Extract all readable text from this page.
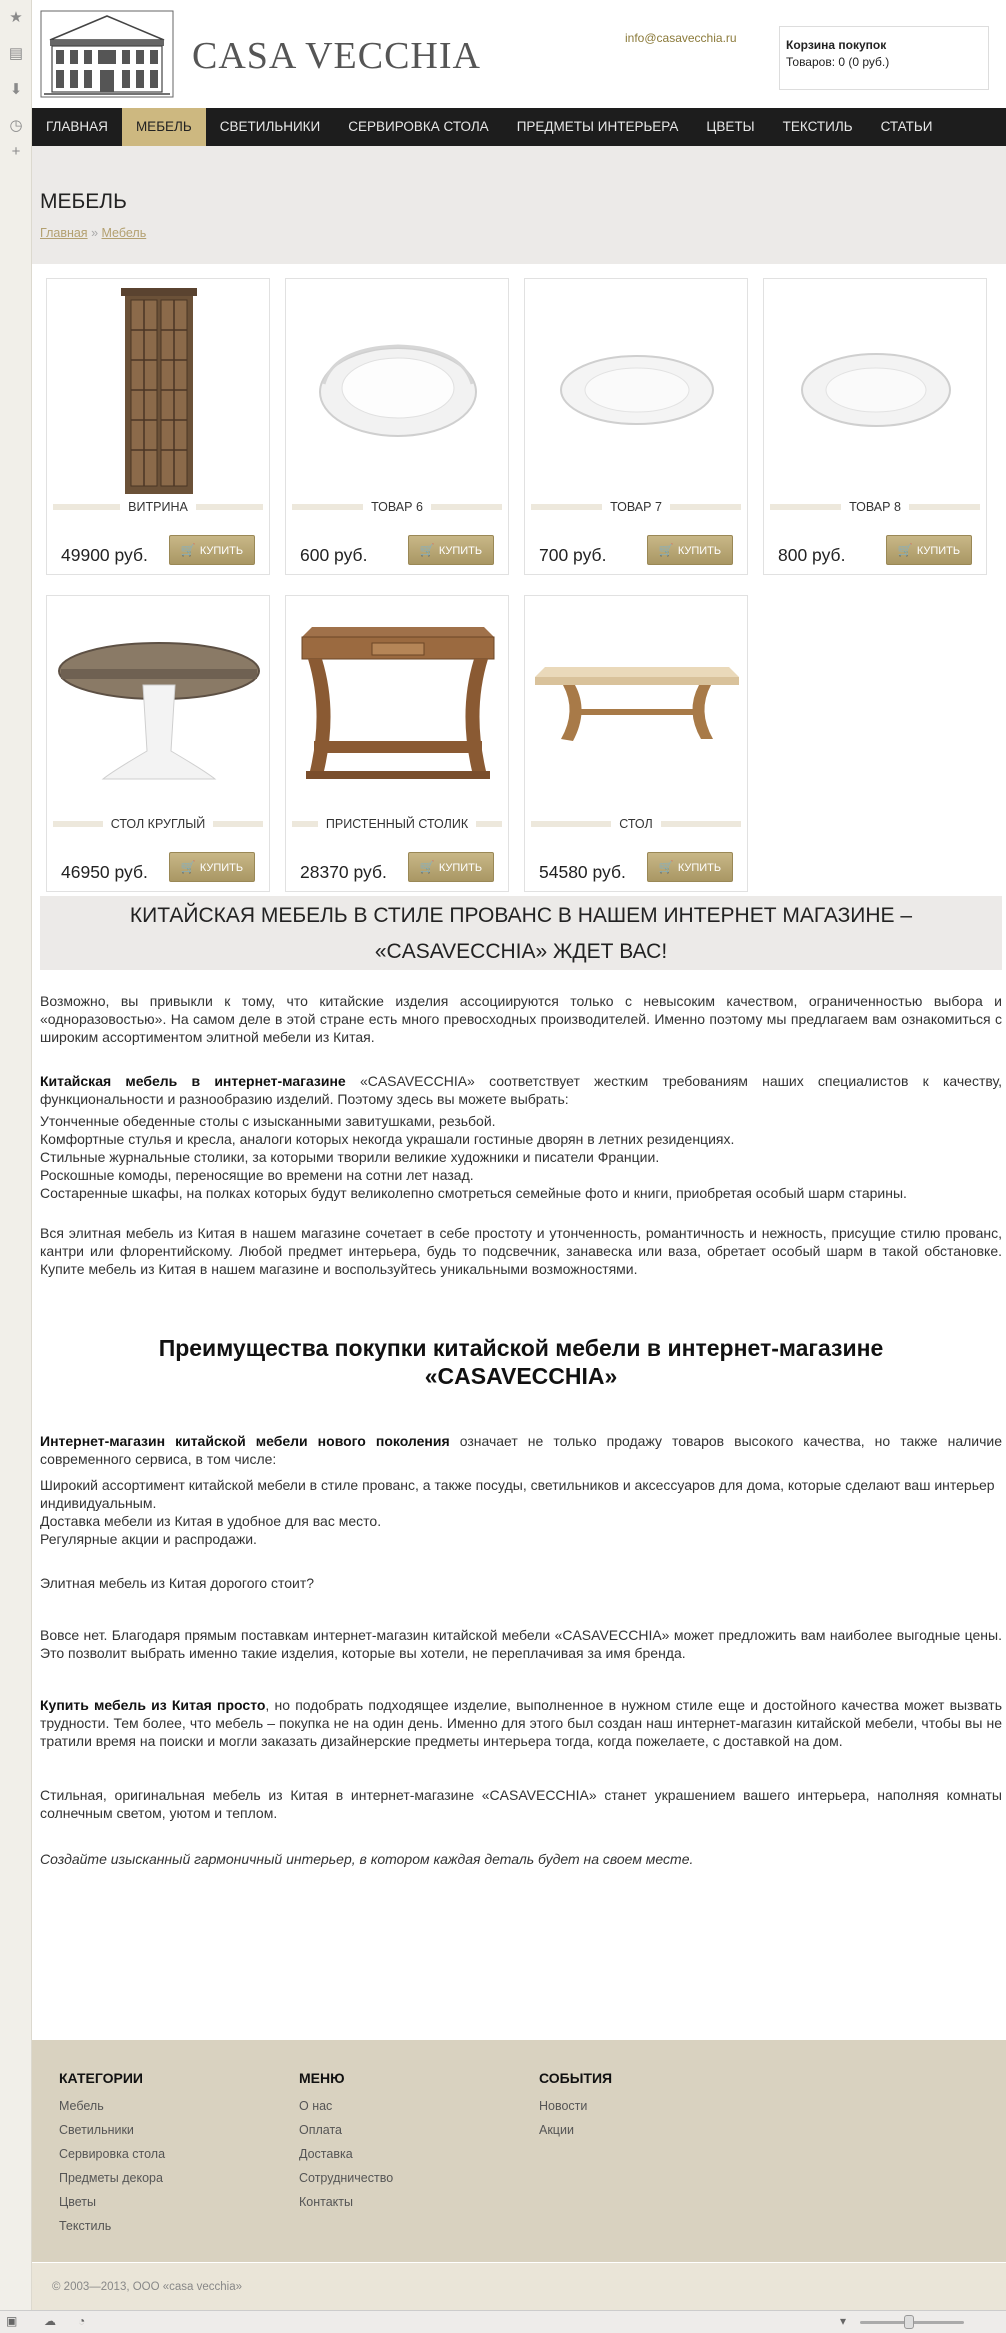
★
▤
⬇
◷
+
CASA VECCHIA	info@casavecchia.ru	Корзина покупок
Товаров: 0 (0 руб.)
ГЛАВНАЯ	МЕБЕЛЬ	СВЕТИЛЬНИКИ	СЕРВИРОВКА СТОЛА	ПРЕДМЕТЫ ИНТЕРЬЕРА	ЦВЕТЫ	ТЕКСТИЛЬ	СТАТЬИ
МЕБЕЛЬ
Главная » Мебель
ВИТРИНА
49900 руб.	🛒 КУПИТЬ
ТОВАР 6
600 руб.	🛒 КУПИТЬ
ТОВАР 7
700 руб.	🛒 КУПИТЬ
ТОВАР 8
800 руб.	🛒 КУПИТЬ
СТОЛ КРУГЛЫЙ
46950 руб.	🛒 КУПИТЬ
ПРИСТЕННЫЙ СТОЛИК
28370 руб.	🛒 КУПИТЬ
СТОЛ
54580 руб.	🛒 КУПИТЬ
КИТАЙСКАЯ МЕБЕЛЬ В СТИЛЕ ПРОВАНС В НАШЕМ ИНТЕРНЕТ МАГАЗИНЕ –
«CASAVECCHIA» ЖДЕТ ВАС!

Возможно, вы привыкли к тому, что китайские изделия ассоциируются только с невысоким качеством, ограниченностью выбора и «одноразовостью». На самом деле в этой стране есть много превосходных производителей. Именно поэтому мы предлагаем вам ознакомиться с широким ассортиментом элитной мебели из Китая.

Китайская мебель в интернет-магазине «CASAVECCHIA» соответствует жестким требованиям наших специалистов к качеству, функциональности и разнообразию изделий. Поэтому здесь вы можете выбрать:

Утонченные обеденные столы с изысканными завитушками, резьбой.
Комфортные стулья и кресла, аналоги которых некогда украшали гостиные дворян в летних резиденциях.
Стильные журнальные столики, за которыми творили великие художники и писатели Франции.
Роскошные комоды, переносящие во времени на сотни лет назад.
Состаренные шкафы, на полках которых будут великолепно смотреться семейные фото и книги, приобретая особый шарм старины.

Вся элитная мебель из Китая в нашем магазине сочетает в себе простоту и утонченность, романтичность и нежность, присущие стилю прованс, кантри или флорентийскому. Любой предмет интерьера, будь то подсвечник, занавеска или ваза, обретает особый шарм в такой обстановке. Купите мебель из Китая в нашем магазине и воспользуйтесь уникальными возможностями.

Преимущества покупки китайской мебели в интернет-магазине
«CASAVECCHIA»

Интернет-магазин китайской мебели нового поколения означает не только продажу товаров высокого качества, но также наличие современного сервиса, в том числе:

Широкий ассортимент китайской мебели в стиле прованс, а также посуды, светильников и аксессуаров для дома, которые сделают ваш интерьер индивидуальным.
Доставка мебели из Китая в удобное для вас место.
Регулярные акции и распродажи.

Элитная мебель из Китая дорогого стоит?

Вовсе нет. Благодаря прямым поставкам интернет-магазин китайской мебели «CASAVECCHIA» может предложить вам наиболее выгодные цены. Это позволит выбрать именно такие изделия, которые вы хотели, не переплачивая за имя бренда.

Купить мебель из Китая просто, но подобрать подходящее изделие, выполненное в нужном стиле еще и достойного качества может вызвать трудности. Тем более, что мебель – покупка не на один день. Именно для этого был создан наш интернет-магазин китайской мебели, чтобы вы не тратили время на поиски и могли заказать дизайнерские предметы интерьера тогда, когда пожелаете, с доставкой на дом.

Стильная, оригинальная мебель из Китая в интернет-магазине «CASAVECCHIA» станет украшением вашего интерьера, наполняя комнаты солнечным светом, уютом и теплом.

Создайте изысканный гармоничный интерьер, в котором каждая деталь будет на своем месте.

КАТЕГОРИИ
Мебель
Светильники
Сервировка стола
Предметы декора
Цветы
Текстиль
МЕНЮ
О нас
Оплата
Доставка
Сотрудничество
Контакты
СОБЫТИЯ
Новости
Акции
© 2003—2013, ООО «casa vecchia»
▣ ☁ ◔	▾
